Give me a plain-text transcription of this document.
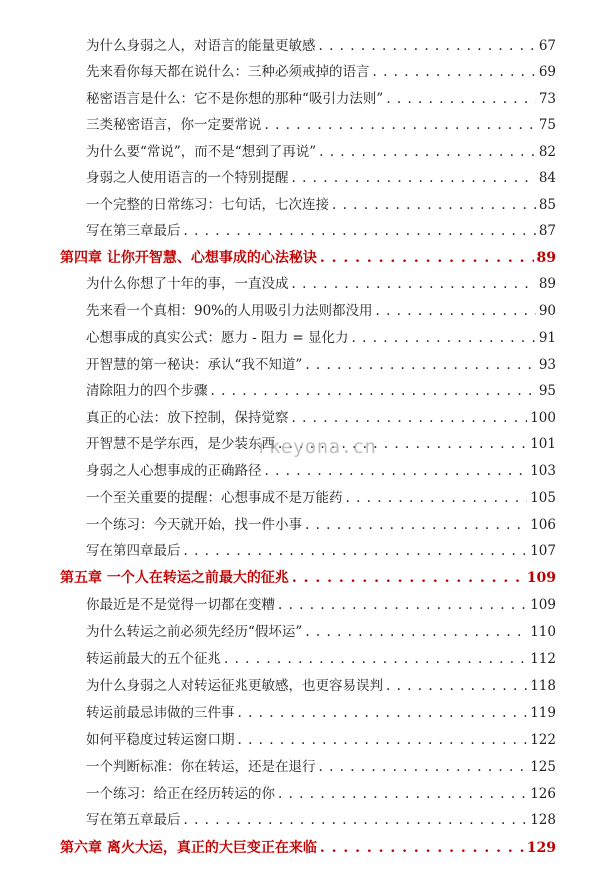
为什么身弱之人，对语言的能量更敏感 . . .	67
先来看你每天都在说什么：三种必须戒掉的语言 . . .	69
秘密语言是什么：它不是你想的那种“吸引力法则” . . .	73
三类秘密语言，你一定要常说 . . .	75
为什么要“常说”，而不是“想到了再说” . . .	82
身弱之人使用语言的一个特别提醒 . . .	84
一个完整的日常练习：七句话，七次连接 . . .	85
写在第三章最后 . . .	87
第四章 让你开智慧、心想事成的心法秘诀 . . .	89
为什么你想了十年的事，一直没成 . . .	89
先来看一个真相：90%的人用吸引力法则都没用 . . .	90
心想事成的真实公式：愿力 - 阻力 = 显化力 . . .	91
开智慧的第一秘诀：承认“我不知道” . . .	93
清除阻力的四个步骤 . . .	95
真正的心法：放下控制，保持觉察 . . .	100
开智慧不是学东西，是少装东西 . . .	101
身弱之人心想事成的正确路径 . . .	103
一个至关重要的提醒：心想事成不是万能药 . . .	105
一个练习：今天就开始，找一件小事 . . .	106
写在第四章最后 . . .	107
第五章 一个人在转运之前最大的征兆 . . .	109
你最近是不是觉得一切都在变糟 . . .	109
为什么转运之前必须先经历“假坏运” . . .	110
转运前最大的五个征兆 . . .	112
为什么身弱之人对转运征兆更敏感，也更容易误判 . . .	118
转运前最忌讳做的三件事 . . .	119
如何平稳度过转运窗口期 . . .	122
一个判断标准：你在转运，还是在退行 . . .	125
一个练习：给正在经历转运的你 . . .	126
写在第五章最后 . . .	128
第六章 离火大运，真正的大巨变正在来临 . . .	129
rkeyona.cn
